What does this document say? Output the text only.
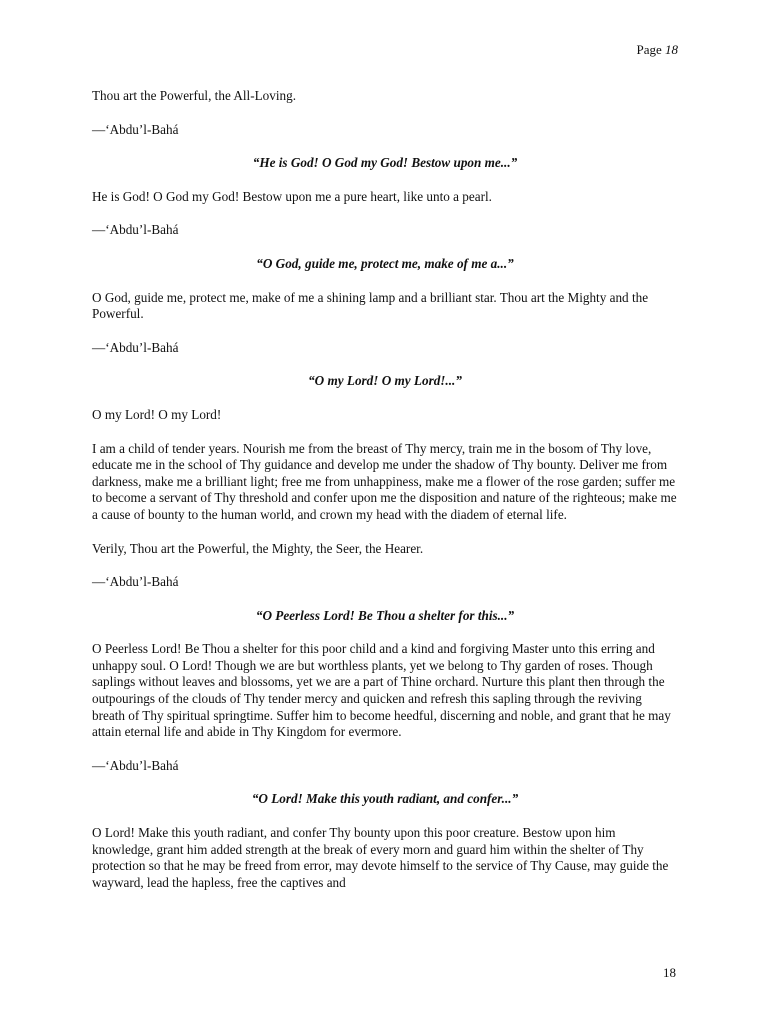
Page 18

Thou art the Powerful, the All-Loving.

—‘Abdu’l-Bahá

“He is God! O God my God! Bestow upon me...”

He is God! O God my God! Bestow upon me a pure heart, like unto a pearl.

—‘Abdu’l-Bahá

“O God, guide me, protect me, make of me a...”

O God, guide me, protect me, make of me a shining lamp and a brilliant star. Thou art the Mighty and the Powerful.

—‘Abdu’l-Bahá

“O my Lord! O my Lord!...”

O my Lord! O my Lord!

I am a child of tender years. Nourish me from the breast of Thy mercy, train me in the bosom of Thy love, educate me in the school of Thy guidance and develop me under the shadow of Thy bounty. Deliver me from darkness, make me a brilliant light; free me from unhappiness, make me a flower of the rose garden; suffer me to become a servant of Thy threshold and confer upon me the disposition and nature of the righteous; make me a cause of bounty to the human world, and crown my head with the diadem of eternal life.

Verily, Thou art the Powerful, the Mighty, the Seer, the Hearer.

—‘Abdu’l-Bahá

“O Peerless Lord! Be Thou a shelter for this...”

O Peerless Lord! Be Thou a shelter for this poor child and a kind and forgiving Master unto this erring and unhappy soul. O Lord! Though we are but worthless plants, yet we belong to Thy garden of roses. Though saplings without leaves and blossoms, yet we are a part of Thine orchard. Nurture this plant then through the outpourings of the clouds of Thy tender mercy and quicken and refresh this sapling through the reviving breath of Thy spiritual springtime. Suffer him to become heedful, discerning and noble, and grant that he may attain eternal life and abide in Thy Kingdom for evermore.

—‘Abdu’l-Bahá

“O Lord! Make this youth radiant, and confer...”

O Lord! Make this youth radiant, and confer Thy bounty upon this poor creature. Bestow upon him knowledge, grant him added strength at the break of every morn and guard him within the shelter of Thy protection so that he may be freed from error, may devote himself to the service of Thy Cause, may guide the wayward, lead the hapless, free the captives and

18
